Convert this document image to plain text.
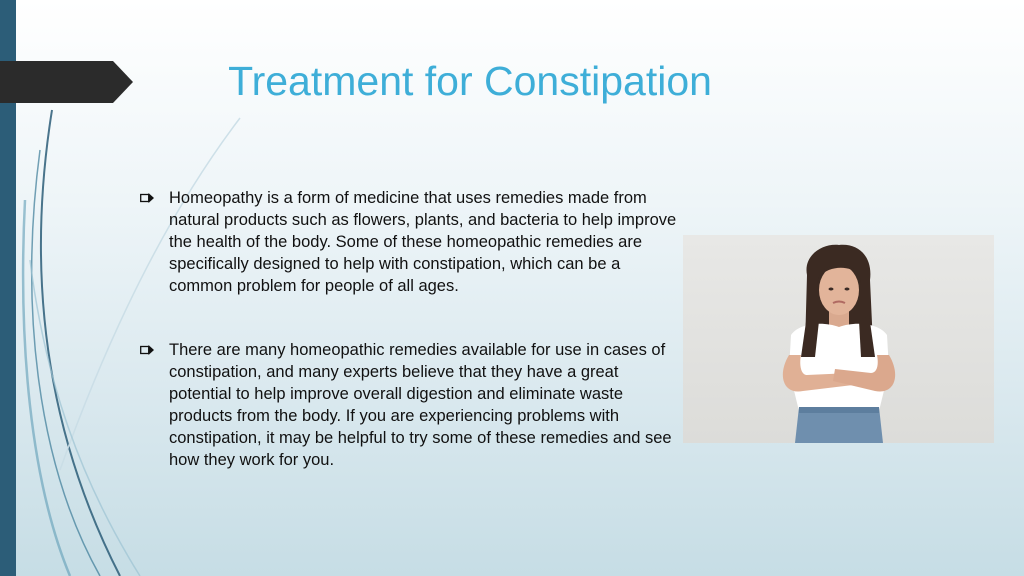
Treatment for Constipation

Homeopathy is a form of medicine that uses remedies made from natural products such as flowers, plants, and bacteria to help improve the health of the body. Some of these homeopathic remedies are specifically designed to help with constipation, which can be a common problem for people of all ages.

There are many homeopathic remedies available for use in cases of constipation, and many experts believe that they have a great potential to help improve overall digestion and eliminate waste products from the body. If you are experiencing problems with constipation, it may be helpful to try some of these remedies and see how they work for you.
